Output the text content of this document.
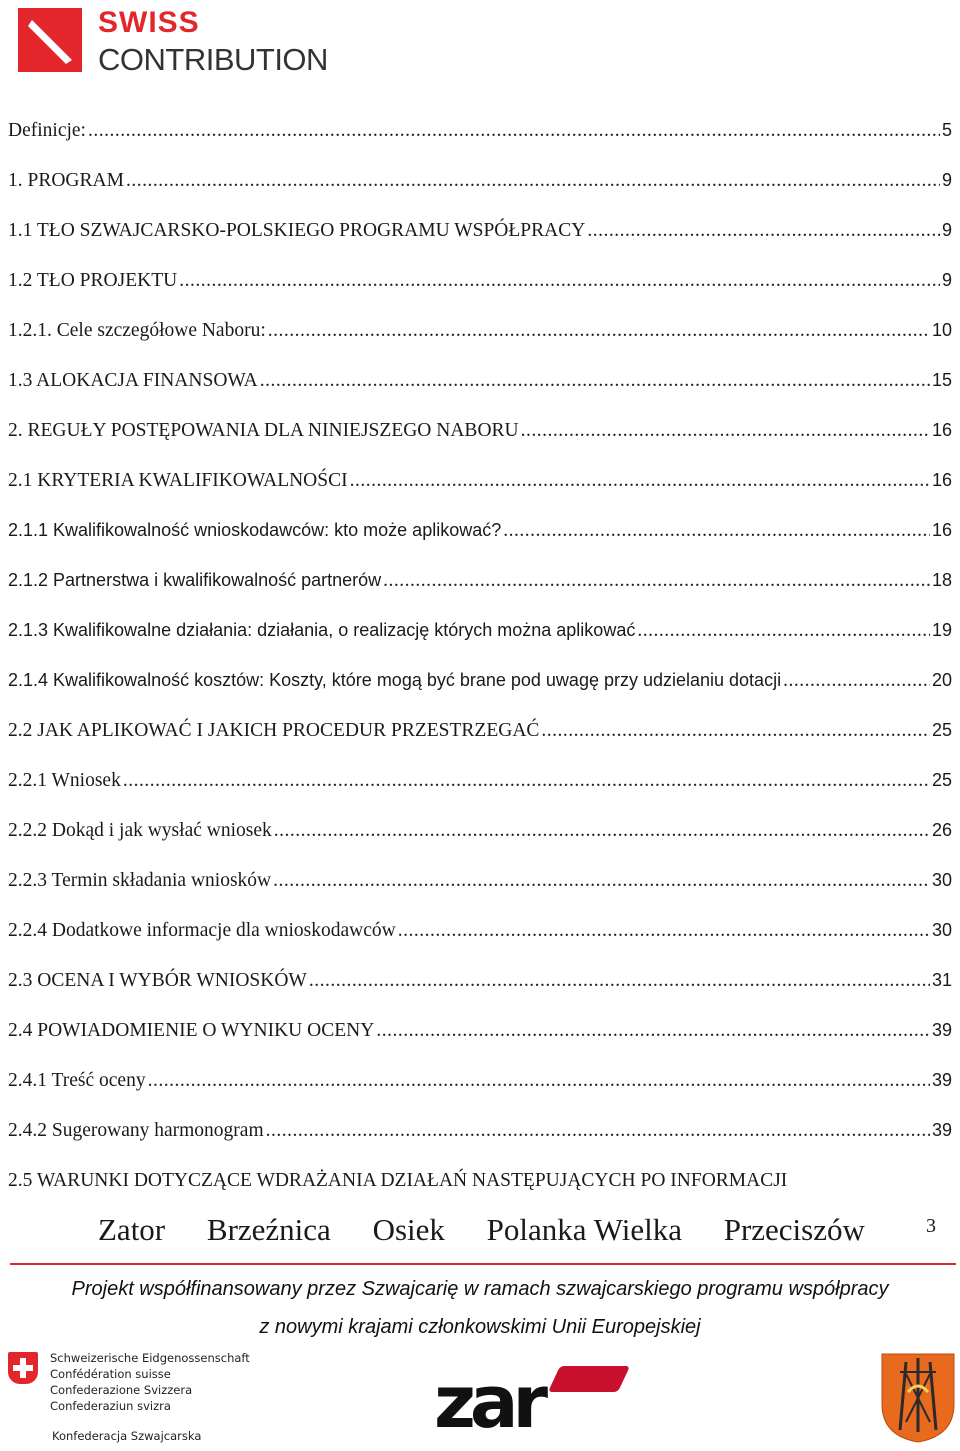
SWISS
CONTRIBUTION
Definicje: .....	5
1. PROGRAM .....	9
1.1 TŁO SZWAJCARSKO-POLSKIEGO PROGRAMU WSPÓŁPRACY .....	9
1.2 TŁO PROJEKTU .....	9
1.2.1. Cele szczegółowe Naboru: .....	10
1.3 ALOKACJA FINANSOWA .....	15
2. REGUŁY POSTĘPOWANIA DLA NINIEJSZEGO NABORU .....	16
2.1 KRYTERIA KWALIFIKOWALNOŚCI .....	16
2.1.1 Kwalifikowalność wnioskodawców: kto może aplikować? .....	16
2.1.2 Partnerstwa i kwalifikowalność partnerów .....	18
2.1.3 Kwalifikowalne działania: działania, o realizację których można aplikować .....	19
2.1.4 Kwalifikowalność kosztów: Koszty, które mogą być brane pod uwagę przy udzielaniu dotacji .....	20
2.2 JAK APLIKOWAĆ I JAKICH PROCEDUR PRZESTRZEGAĆ .....	25
2.2.1 Wniosek .....	25
2.2.2 Dokąd i jak wysłać wniosek .....	26
2.2.3 Termin składania wniosków .....	30
2.2.4 Dodatkowe informacje dla wnioskodawców .....	30
2.3 OCENA I WYBÓR WNIOSKÓW .....	31
2.4 POWIADOMIENIE O WYNIKU OCENY .....	39
2.4.1 Treść oceny .....	39
2.4.2 Sugerowany harmonogram .....	39
2.5 WARUNKI DOTYCZĄCE WDRAŻANIA DZIAŁAŃ NASTĘPUJĄCYCH PO INFORMACJI
Zator Brzeźnica Osiek Polanka Wielka Przeciszów	3
Projekt współfinansowany przez Szwajcarię w ramach szwajcarskiego programu współpracy
z nowymi krajami członkowskimi Unii Europejskiej
Schweizerische Eidgenossenschaft
Confédération suisse
Confederazione Svizzera
Confederaziun svizra
Konfederacja Szwajcarska	zar
